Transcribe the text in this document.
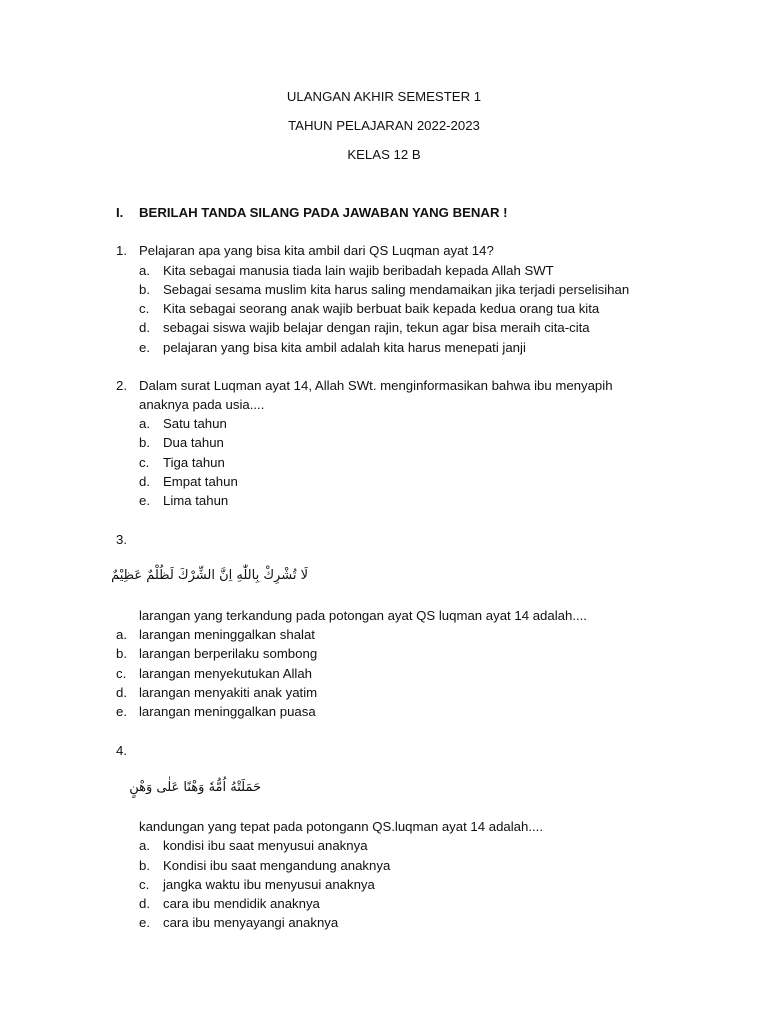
ULANGAN AKHIR SEMESTER 1
TAHUN PELAJARAN 2022-2023
KELAS 12 B
I. BERILAH TANDA SILANG PADA JAWABAN YANG BENAR !
1. Pelajaran apa yang bisa kita ambil dari QS Luqman ayat 14?
a. Kita sebagai manusia tiada lain wajib beribadah kepada Allah SWT
b. Sebagai sesama muslim kita harus saling mendamaikan jika terjadi perselisihan
c. Kita sebagai seorang anak wajib berbuat baik kepada kedua orang tua kita
d. sebagai siswa wajib belajar dengan rajin, tekun agar bisa meraih cita-cita
e. pelajaran yang bisa kita ambil adalah kita harus menepati janji
2. Dalam surat Luqman ayat 14, Allah SWt. menginformasikan bahwa ibu menyapih
anaknya pada usia....
a. Satu tahun
b. Dua tahun
c. Tiga tahun
d. Empat tahun
e. Lima tahun
3.
لَا تُشْرِكْ بِاللّٰهِ اِنَّ الشِّرْكَ لَظُلْمٌ عَظِيْمٌ
larangan yang terkandung pada potongan ayat QS luqman ayat 14 adalah....
a. larangan meninggalkan shalat
b. larangan berperilaku sombong
c. larangan menyekutukan Allah
d. larangan menyakiti anak yatim
e. larangan meninggalkan puasa
4.
حَمَلَتْهُ اُمُّهٗ وَهْنًا عَلٰى وَهْنٍ
kandungan yang tepat pada potongann QS.luqman ayat 14 adalah....
a. kondisi ibu saat menyusui anaknya
b. Kondisi ibu saat mengandung anaknya
c. jangka waktu ibu menyusui anaknya
d. cara ibu mendidik anaknya
e. cara ibu menyayangi anaknya
